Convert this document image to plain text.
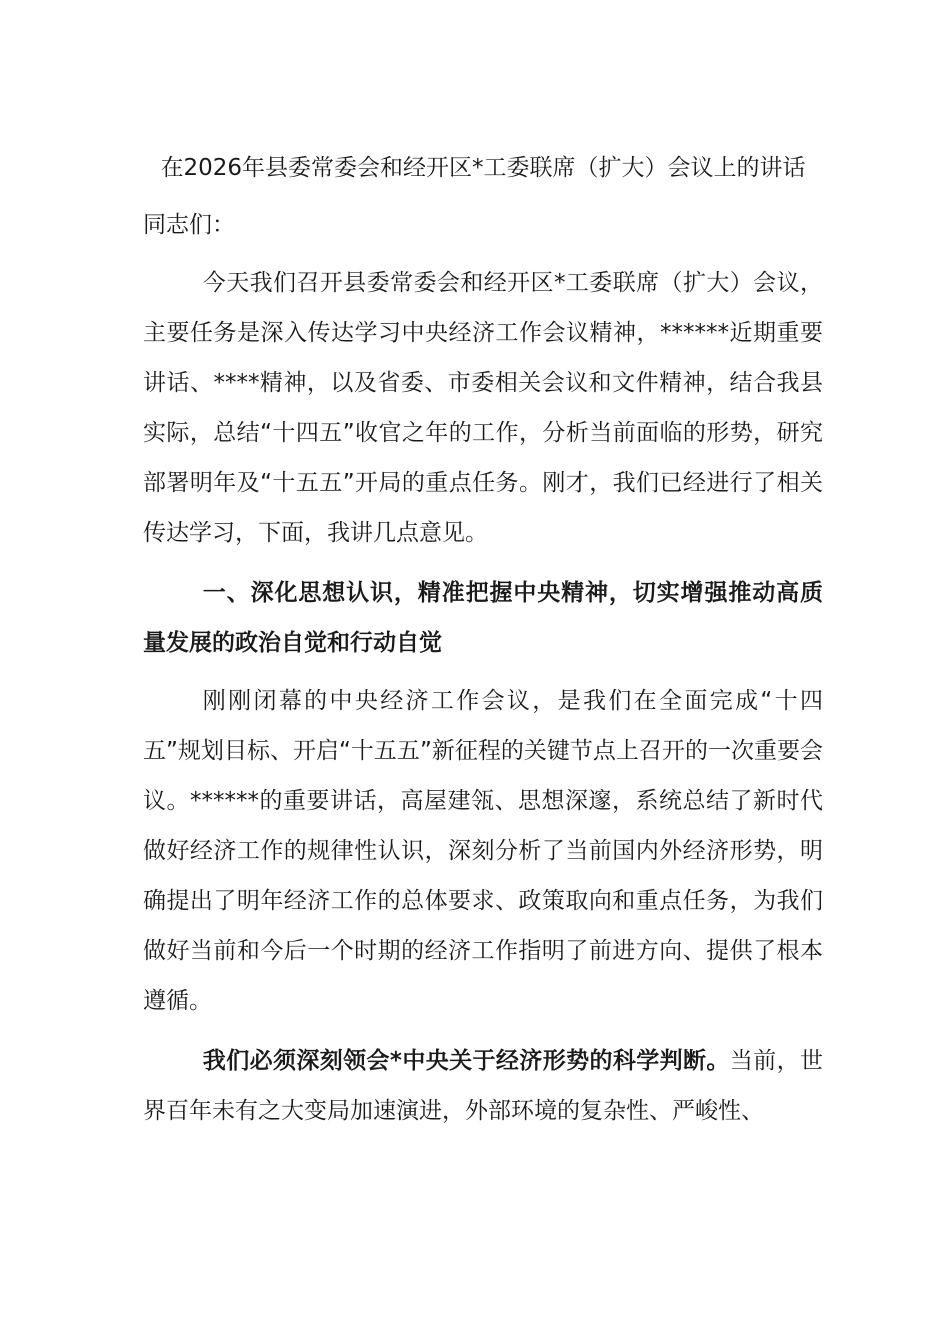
在2026年县委常委会和经开区*工委联席（扩大）会议上的讲话
同志们：
今天我们召开县委常委会和经开区*工委联席（扩大）会议，主要任务是深入传达学习中央经济工作会议精神，******近期重要讲话、****精神，以及省委、市委相关会议和文件精神，结合我县实际，总结“十四五”收官之年的工作，分析当前面临的形势，研究部署明年及“十五五”开局的重点任务。刚才，我们已经进行了相关传达学习，下面，我讲几点意见。
一、深化思想认识，精准把握中央精神，切实增强推动高质量发展的政治自觉和行动自觉
刚刚闭幕的中央经济工作会议，是我们在全面完成“十四五”规划目标、开启“十五五”新征程的关键节点上召开的一次重要会议。******的重要讲话，高屋建瓴、思想深邃，系统总结了新时代做好经济工作的规律性认识，深刻分析了当前国内外经济形势，明确提出了明年经济工作的总体要求、政策取向和重点任务，为我们做好当前和今后一个时期的经济工作指明了前进方向、提供了根本遵循。
我们必须深刻领会*中央关于经济形势的科学判断。当前，世界百年未有之大变局加速演进，外部环境的复杂性、严峻性、
